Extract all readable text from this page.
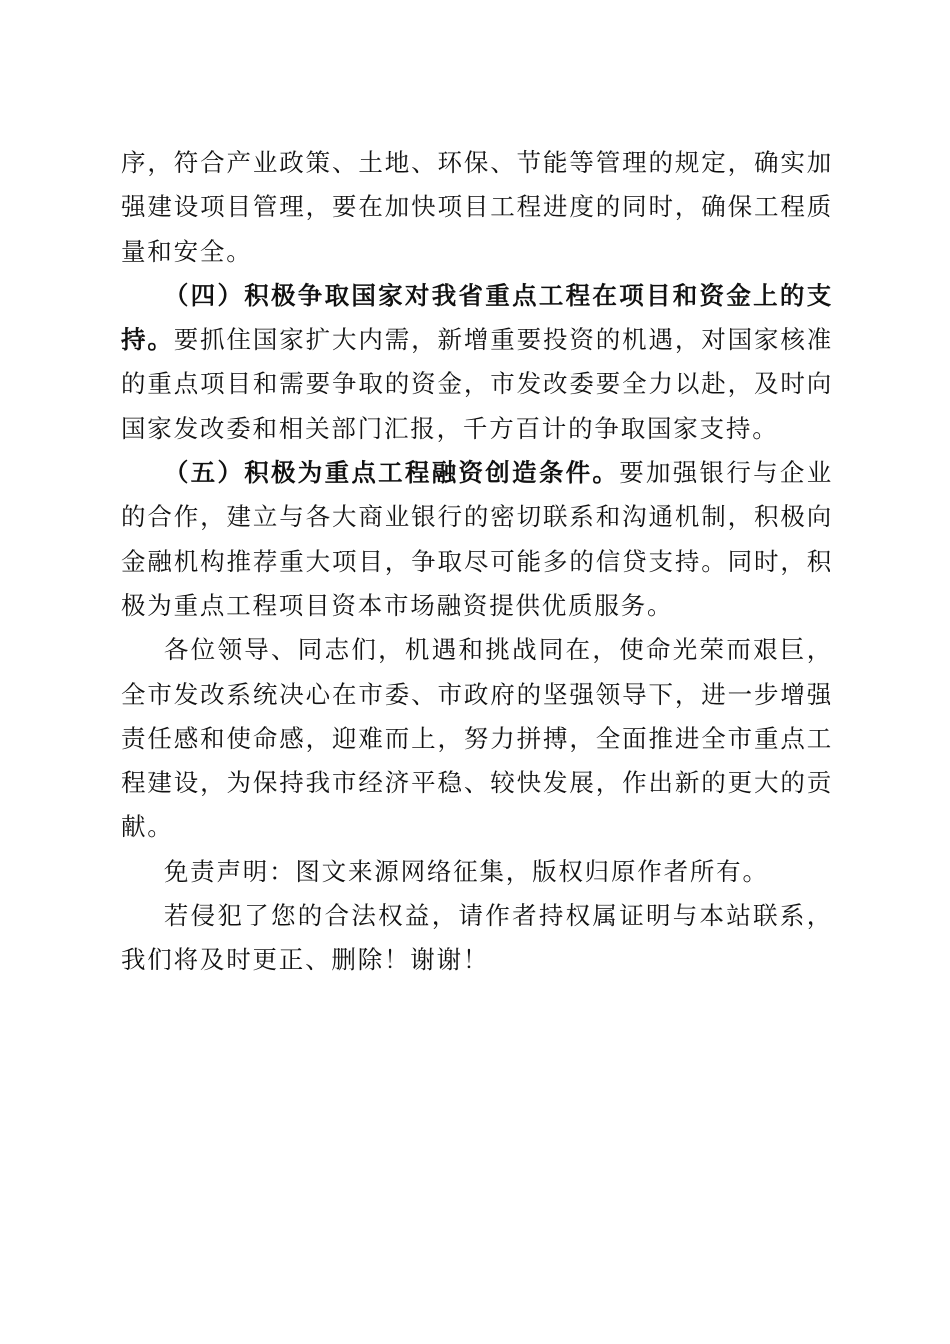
序，符合产业政策、土地、环保、节能等管理的规定，确实加强建设项目管理，要在加快项目工程进度的同时，确保工程质量和安全。

（四）积极争取国家对我省重点工程在项目和资金上的支持。要抓住国家扩大内需，新增重要投资的机遇，对国家核准的重点项目和需要争取的资金，市发改委要全力以赴，及时向国家发改委和相关部门汇报，千方百计的争取国家支持。

（五）积极为重点工程融资创造条件。要加强银行与企业的合作，建立与各大商业银行的密切联系和沟通机制，积极向金融机构推荐重大项目，争取尽可能多的信贷支持。同时，积极为重点工程项目资本市场融资提供优质服务。

各位领导、同志们，机遇和挑战同在，使命光荣而艰巨，全市发改系统决心在市委、市政府的坚强领导下，进一步增强责任感和使命感，迎难而上，努力拼搏，全面推进全市重点工程建设，为保持我市经济平稳、较快发展，作出新的更大的贡献。

免责声明：图文来源网络征集，版权归原作者所有。

若侵犯了您的合法权益，请作者持权属证明与本站联系，我们将及时更正、删除！谢谢！
